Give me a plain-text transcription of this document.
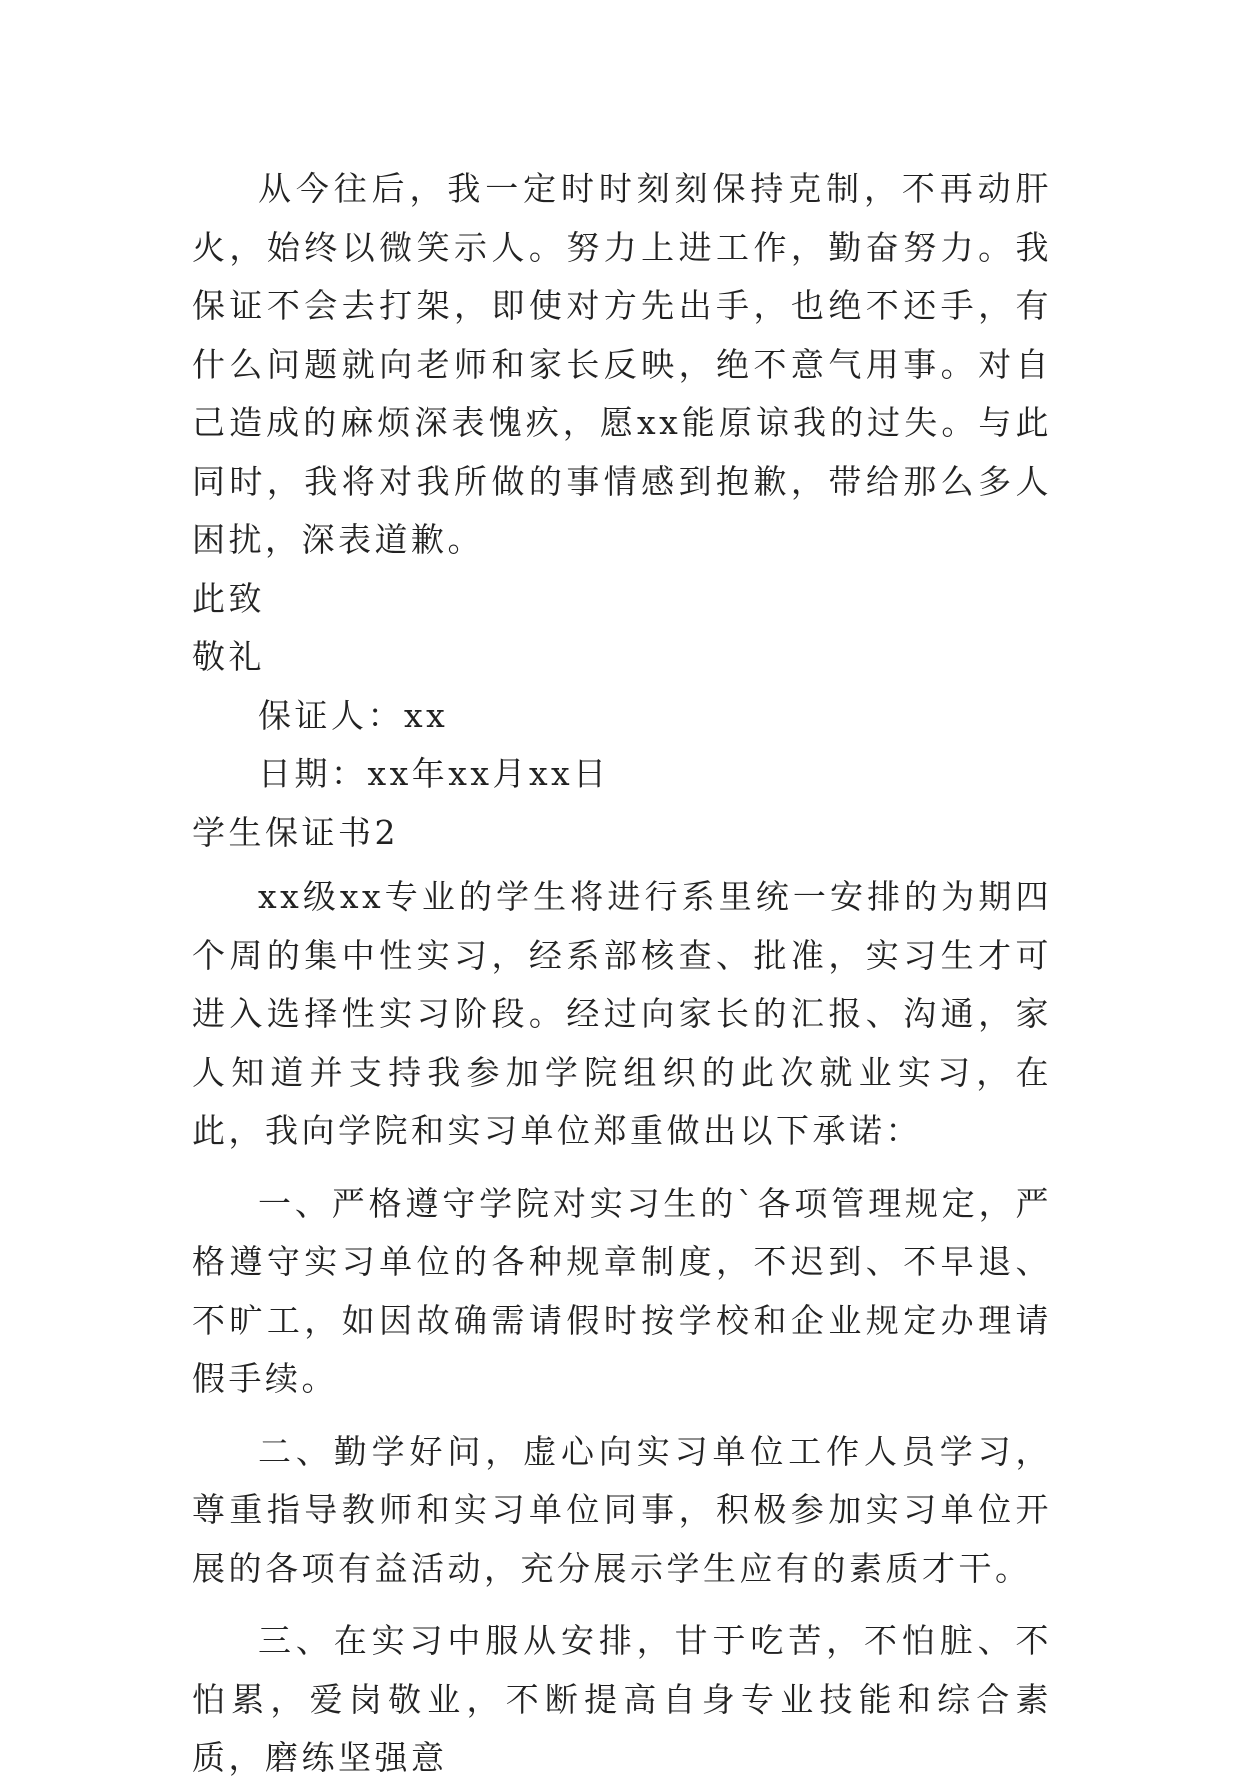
从今往后，我一定时时刻刻保持克制，不再动肝火，始终以微笑示人。努力上进工作，勤奋努力。我保证不会去打架，即使对方先出手，也绝不还手，有什么问题就向老师和家长反映，绝不意气用事。对自己造成的麻烦深表愧疚，愿xx能原谅我的过失。与此同时，我将对我所做的事情感到抱歉，带给那么多人困扰，深表道歉。

此致

敬礼

保证人：xx

日期：xx年xx月xx日

学生保证书2

xx级xx专业的学生将进行系里统一安排的为期四个周的集中性实习，经系部核查、批准，实习生才可进入选择性实习阶段。经过向家长的汇报、沟通，家人知道并支持我参加学院组织的此次就业实习，在此，我向学院和实习单位郑重做出以下承诺：

一、严格遵守学院对实习生的`各项管理规定，严格遵守实习单位的各种规章制度，不迟到、不早退、不旷工，如因故确需请假时按学校和企业规定办理请假手续。

二、勤学好问，虚心向实习单位工作人员学习，尊重指导教师和实习单位同事，积极参加实习单位开展的各项有益活动，充分展示学生应有的素质才干。

三、在实习中服从安排，甘于吃苦，不怕脏、不怕累，爱岗敬业，不断提高自身专业技能和综合素质，磨练坚强意
